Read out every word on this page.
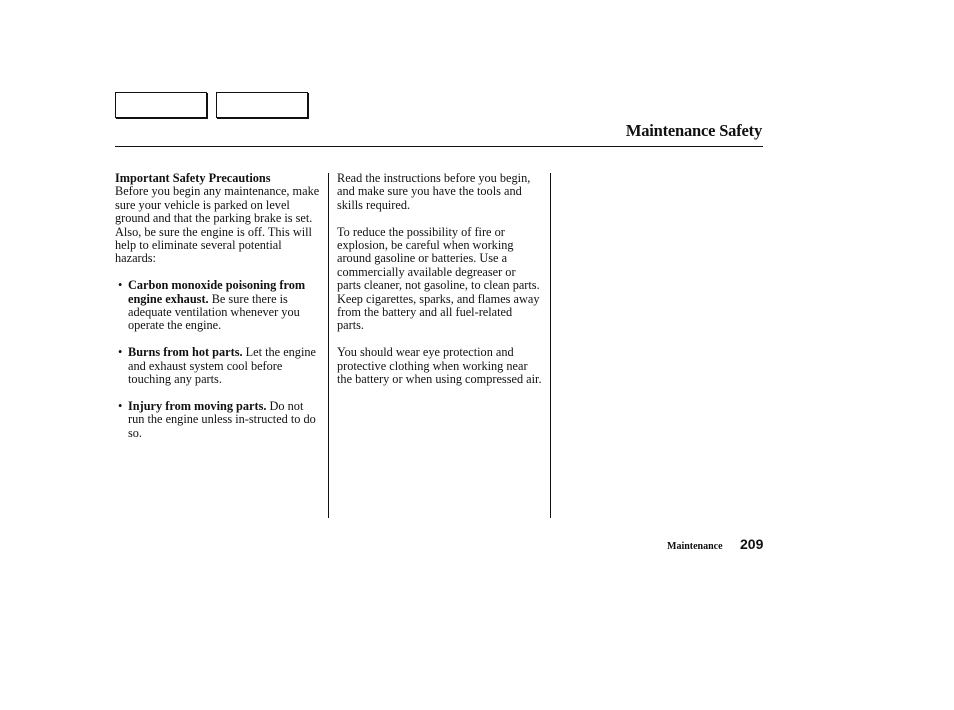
Maintenance Safety

Important Safety Precautions

Before you begin any maintenance, make sure your vehicle is parked on level ground and that the parking brake is set. Also, be sure the engine is off. This will help to eliminate several potential hazards:

• Carbon monoxide poisoning from engine exhaust. Be sure there is adequate ventilation whenever you operate the engine.
• Burns from hot parts. Let the engine and exhaust system cool before touching any parts.
• Injury from moving parts. Do not run the engine unless in-structed to do so.

Read the instructions before you begin, and make sure you have the tools and skills required.

To reduce the possibility of fire or explosion, be careful when working around gasoline or batteries. Use a commercially available degreaser or parts cleaner, not gasoline, to clean parts. Keep cigarettes, sparks, and flames away from the battery and all fuel-related parts.

You should wear eye protection and protective clothing when working near the battery or when using compressed air.

Maintenance 209
